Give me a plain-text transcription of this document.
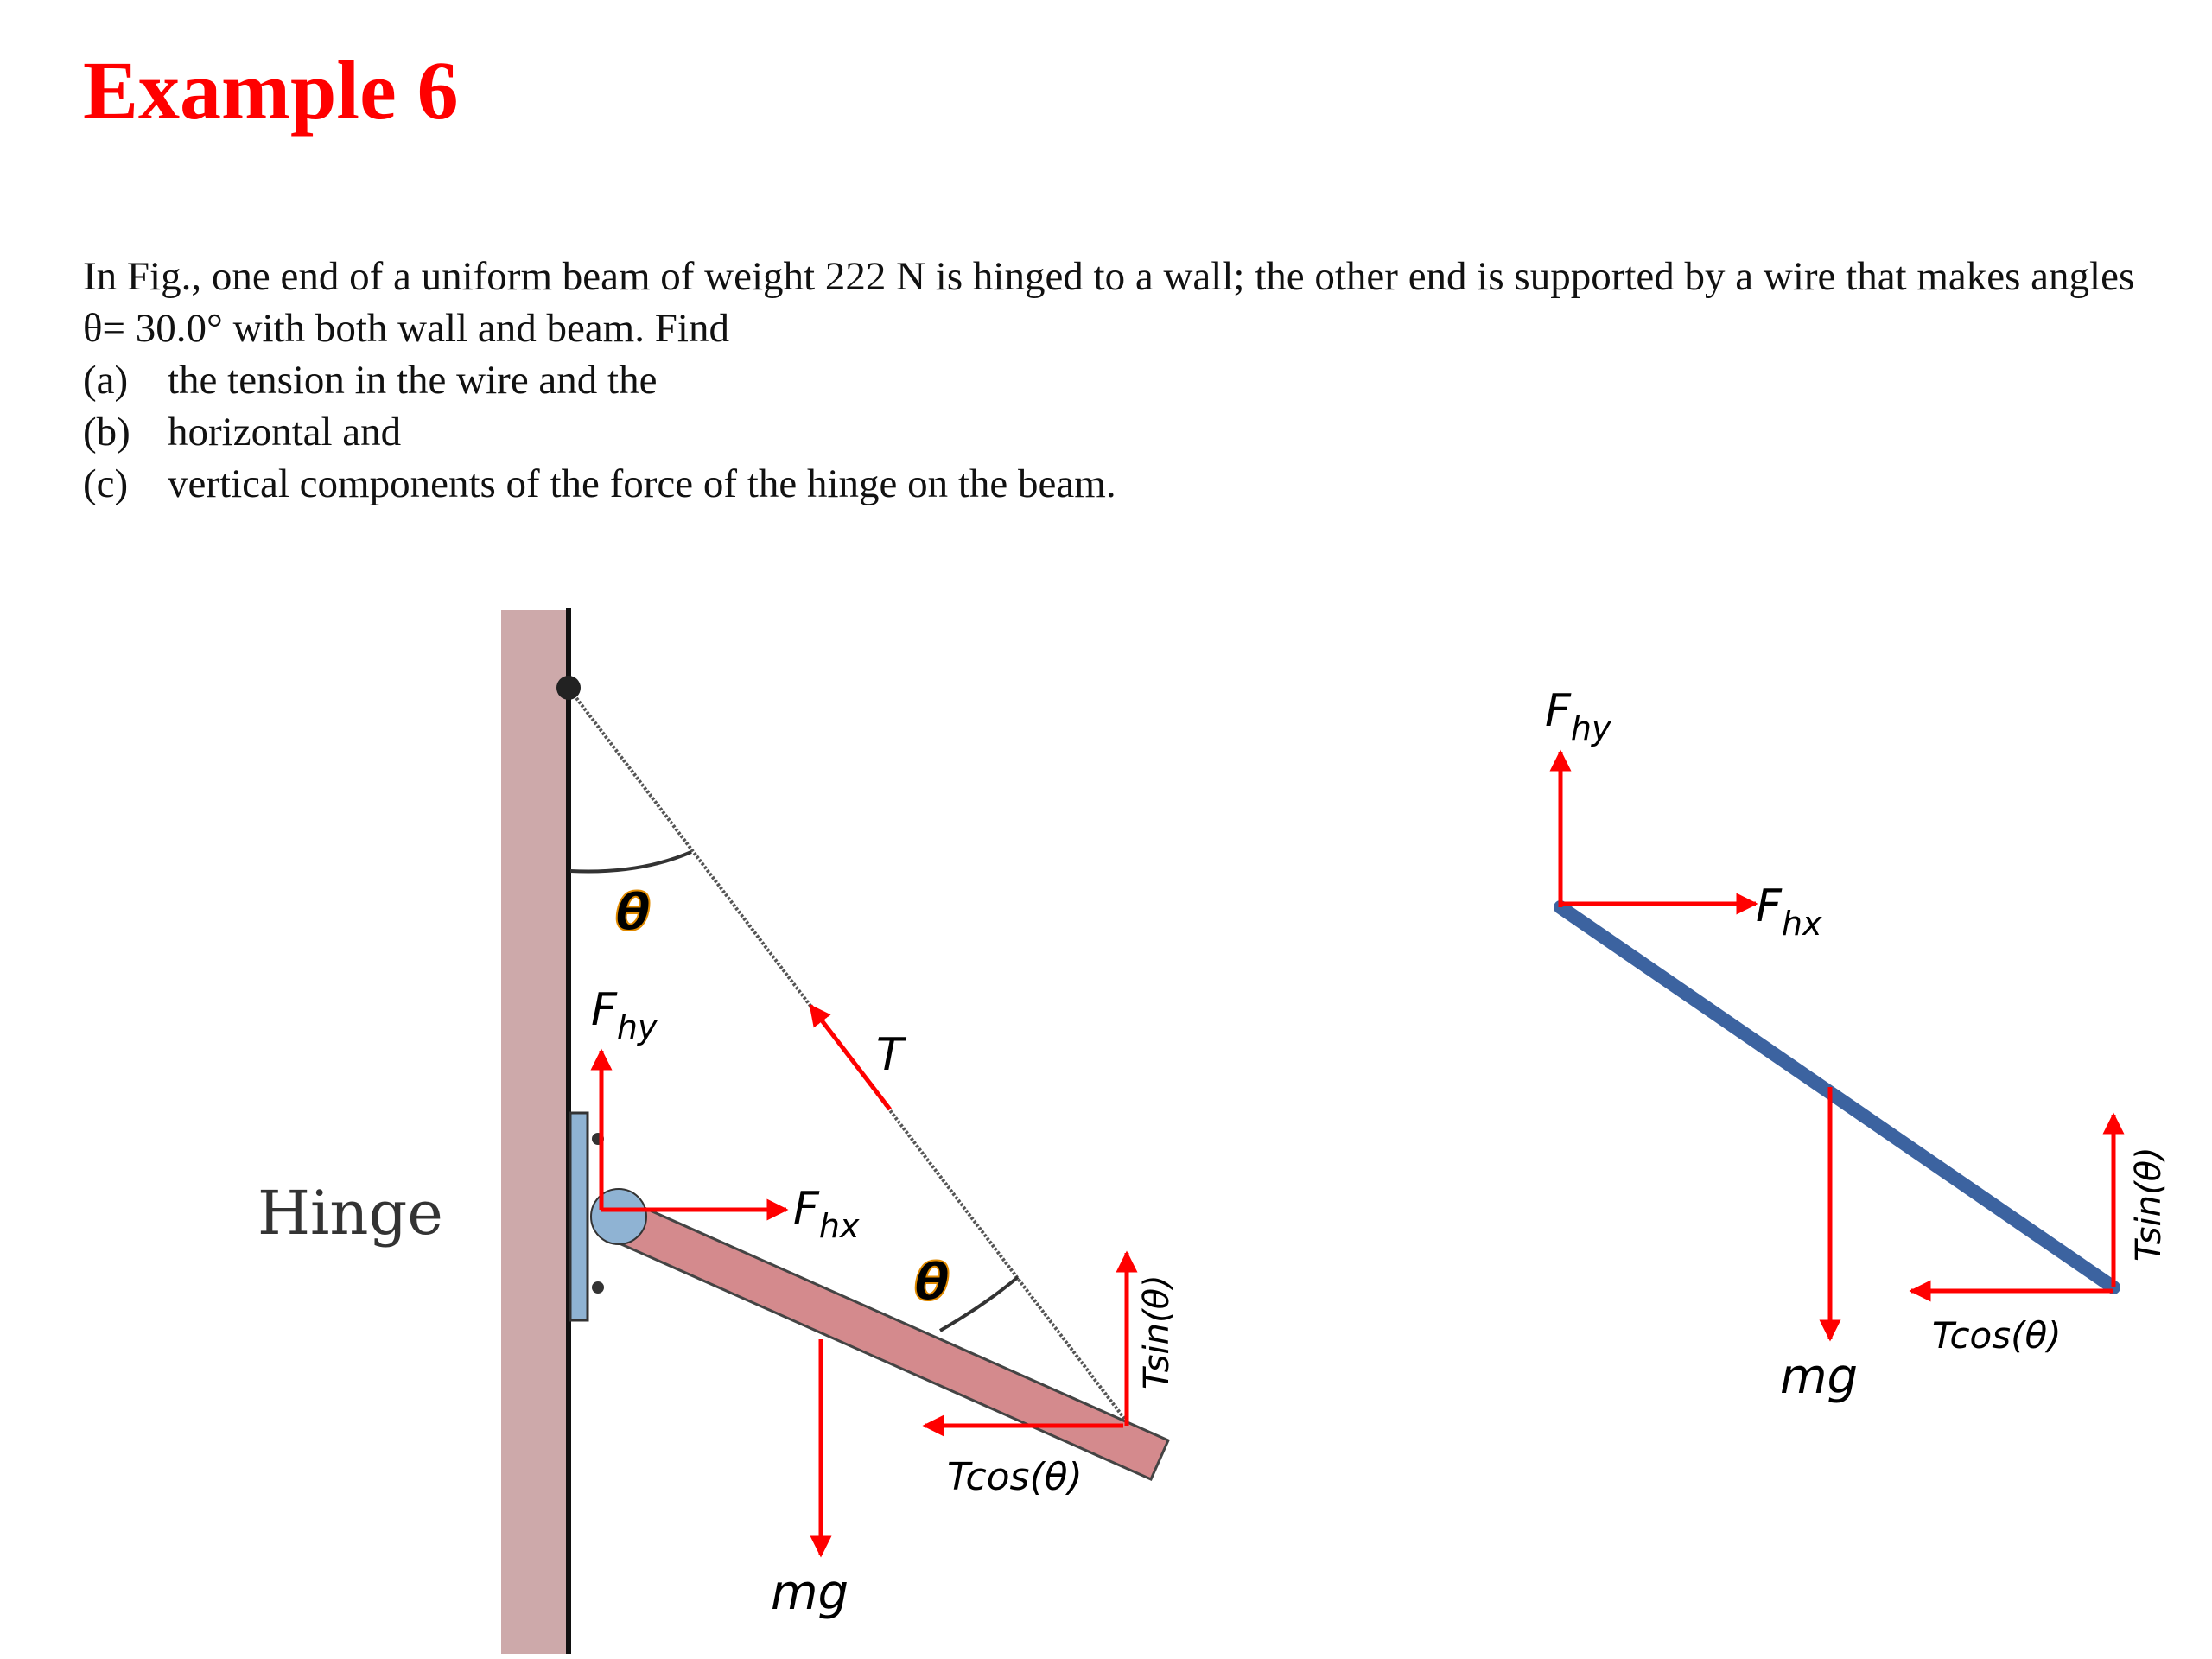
Example 6

In Fig., one end of a uniform beam of weight 222 N is hinged to a wall; the other end is supported by a wire that makes angles θ= 30.0° with both wall and beam. Find

(a) the tension in the wire and the
(b) horizontal and
(c) vertical components of the force of the hinge on the beam.
Hinge
θ
θ
T
$F_{hy}$
$F_{hx}$
mg
Tsin(θ)
Tcos(θ)
$F_{hy}$
$F_{hx}$
mg
Tsin(θ)
Tcos(θ)
